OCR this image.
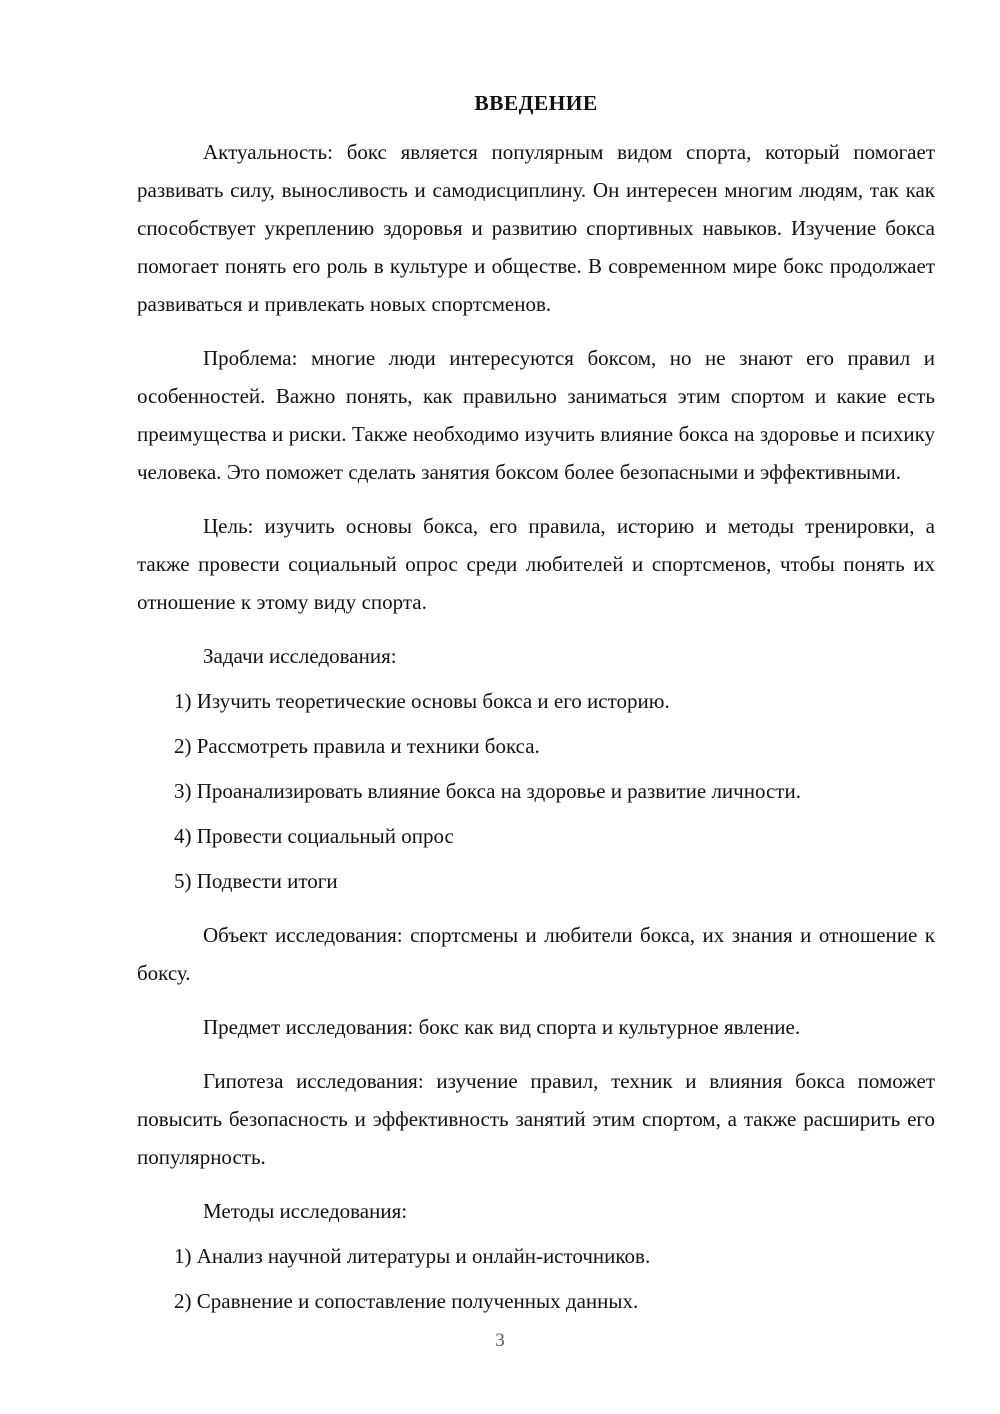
ВВЕДЕНИЕ

Актуальность: бокс является популярным видом спорта, который помогает развивать силу, выносливость и самодисциплину. Он интересен многим людям, так как способствует укреплению здоровья и развитию спортивных навыков. Изучение бокса помогает понять его роль в культуре и обществе. В современном мире бокс продолжает развиваться и привлекать новых спортсменов.

Проблема: многие люди интересуются боксом, но не знают его правил и особенностей. Важно понять, как правильно заниматься этим спортом и какие есть преимущества и риски. Также необходимо изучить влияние бокса на здоровье и психику человека. Это поможет сделать занятия боксом более безопасными и эффективными.

Цель: изучить основы бокса, его правила, историю и методы тренировки, а также провести социальный опрос среди любителей и спортсменов, чтобы понять их отношение к этому виду спорта.

Задачи исследования:

1) Изучить теоретические основы бокса и его историю.
2) Рассмотреть правила и техники бокса.
3) Проанализировать влияние бокса на здоровье и развитие личности.
4) Провести социальный опрос
5) Подвести итоги

Объект исследования: спортсмены и любители бокса, их знания и отношение к боксу.

Предмет исследования: бокс как вид спорта и культурное явление.

Гипотеза исследования: изучение правил, техник и влияния бокса поможет повысить безопасность и эффективность занятий этим спортом, а также расширить его популярность.

Методы исследования:

1) Анализ научной литературы и онлайн-источников.
2) Сравнение и сопоставление полученных данных.
3
